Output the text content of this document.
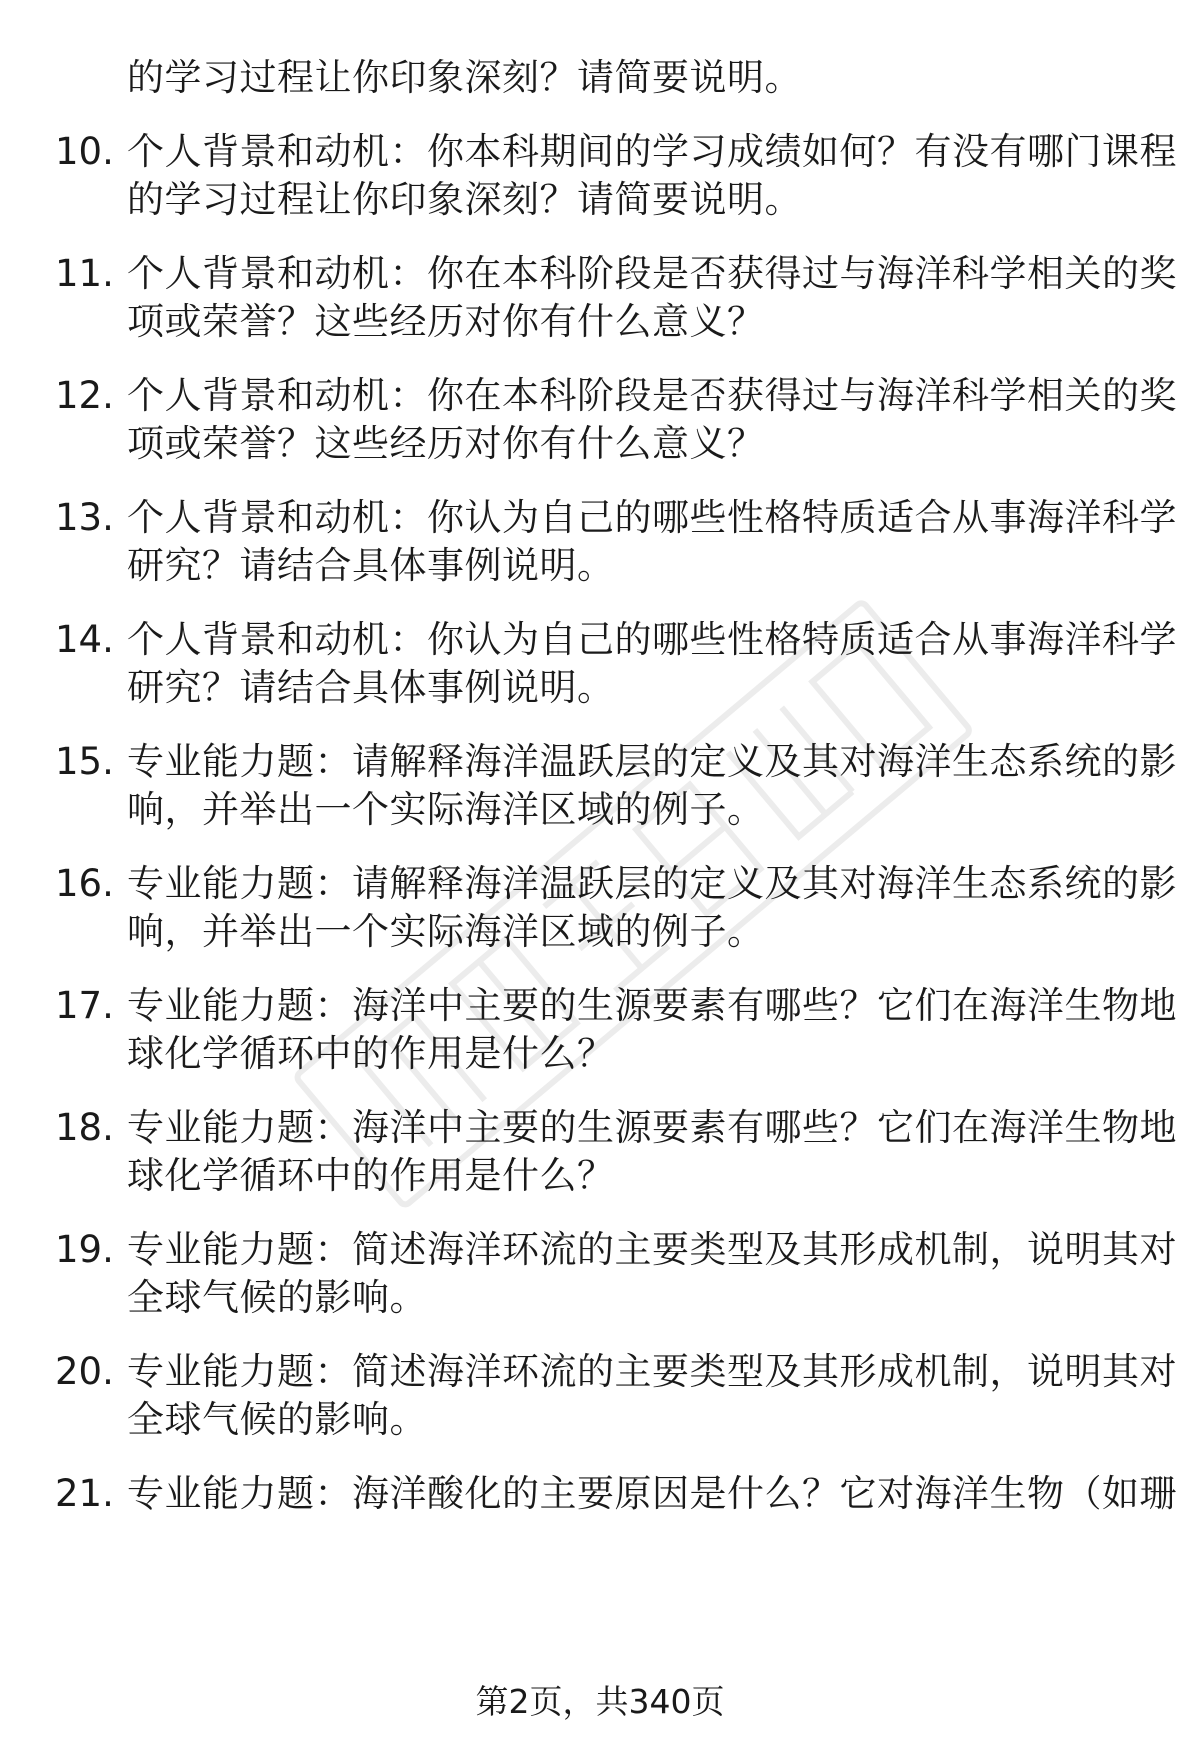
的学习过程让你印象深刻？请简要说明。
10. 个人背景和动机：你本科期间的学习成绩如何？有没有哪门课程
的学习过程让你印象深刻？请简要说明。
11. 个人背景和动机：你在本科阶段是否获得过与海洋科学相关的奖
项或荣誉？这些经历对你有什么意义？
12. 个人背景和动机：你在本科阶段是否获得过与海洋科学相关的奖
项或荣誉？这些经历对你有什么意义？
13. 个人背景和动机：你认为自己的哪些性格特质适合从事海洋科学
研究？请结合具体事例说明。
14. 个人背景和动机：你认为自己的哪些性格特质适合从事海洋科学
研究？请结合具体事例说明。
15. 专业能力题：请解释海洋温跃层的定义及其对海洋生态系统的影
响，并举出一个实际海洋区域的例子。
16. 专业能力题：请解释海洋温跃层的定义及其对海洋生态系统的影
响，并举出一个实际海洋区域的例子。
17. 专业能力题：海洋中主要的生源要素有哪些？它们在海洋生物地
球化学循环中的作用是什么？
18. 专业能力题：海洋中主要的生源要素有哪些？它们在海洋生物地
球化学循环中的作用是什么？
19. 专业能力题：简述海洋环流的主要类型及其形成机制，说明其对
全球气候的影响。
20. 专业能力题：简述海洋环流的主要类型及其形成机制，说明其对
全球气候的影响。
21. 专业能力题：海洋酸化的主要原因是什么？它对海洋生物（如珊
第2页，共340页
